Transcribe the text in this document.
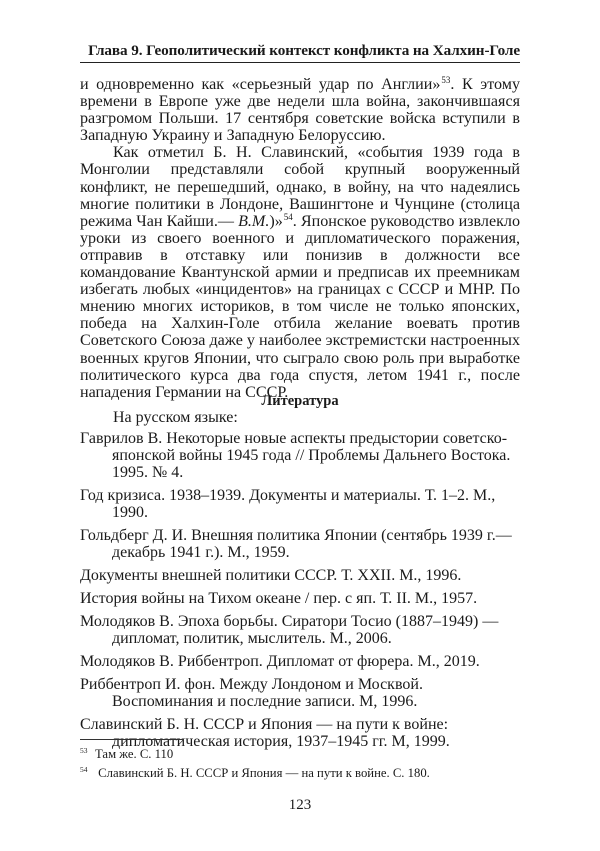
Глава 9. Геополитический контекст конфликта на Халхин-Голе

и одновременно как «серьезный удар по Англии»$^{53}$. К этому времени в Европе уже две недели шла война, закончившаяся разгромом Польши. 17 сентября советские войска вступили в Западную Украину и Западную Белоруссию.

Как отметил Б. Н. Славинский, «события 1939 года в Монголии представляли собой крупный вооруженный конфликт, не перешедший, однако, в войну, на что надеялись многие политики в Лондоне, Вашингтоне и Чунцине (столица режима Чан Кайши.— В.М.)»$^{54}$. Японское руководство извлекло уроки из своего военного и дипломатического поражения, отправив в отставку или понизив в должности все командование Квантунской армии и предписав их преемникам избегать любых «инцидентов» на границах с СССР и МНР. По мнению многих историков, в том числе не только японских, победа на Халхин-Голе отбила желание воевать против Советского Союза даже у наиболее экстремистски настроенных военных кругов Японии, что сыграло свою роль при выработке политического курса два года спустя, летом 1941 г., после нападения Германии на СССР.

Литература
На русском языке:
Гаврилов В. Некоторые новые аспекты предыстории советско-японской войны 1945 года // Проблемы Дальнего Востока. 1995. № 4.
Год кризиса. 1938–1939. Документы и материалы. Т. 1–2. М., 1990.
Гольдберг Д. И. Внешняя политика Японии (сентябрь 1939 г.— декабрь 1941 г.). М., 1959.
Документы внешней политики СССР. Т. XXII. М., 1996.
История войны на Тихом океане / пер. с яп. Т. II. М., 1957.
Молодяков В. Эпоха борьбы. Сиратори Тосио (1887–1949) — дипломат, политик, мыслитель. М., 2006.
Молодяков В. Риббентроп. Дипломат от фюрера. М., 2019.
Риббентроп И. фон. Между Лондоном и Москвой. Воспоминания и последние записи. М, 1996.
Славинский Б. Н. СССР и Япония — на пути к войне: дипломатическая история, 1937–1945 гг. М, 1999.
53 Там же. С. 110
54 Славинский Б. Н. СССР и Япония — на пути к войне. С. 180.
123
